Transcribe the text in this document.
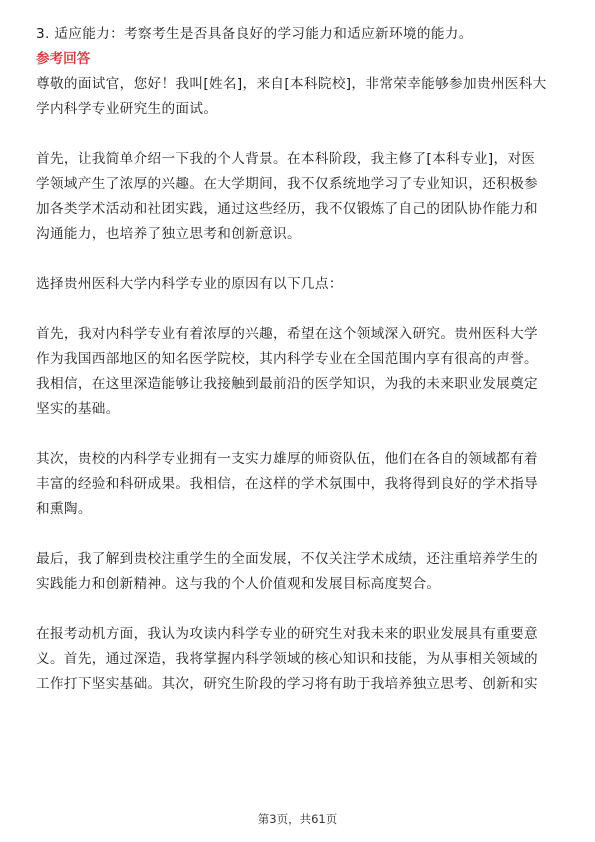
3. 适应能力：考察考生是否具备良好的学习能力和适应新环境的能力。
参考回答
尊敬的面试官，您好！我叫[姓名]，来自[本科院校]，非常荣幸能够参加贵州医科大
学内科学专业研究生的面试。
首先，让我简单介绍一下我的个人背景。在本科阶段，我主修了[本科专业]，对医
学领域产生了浓厚的兴趣。在大学期间，我不仅系统地学习了专业知识，还积极参
加各类学术活动和社团实践，通过这些经历，我不仅锻炼了自己的团队协作能力和
沟通能力，也培养了独立思考和创新意识。
选择贵州医科大学内科学专业的原因有以下几点：
首先，我对内科学专业有着浓厚的兴趣，希望在这个领域深入研究。贵州医科大学
作为我国西部地区的知名医学院校，其内科学专业在全国范围内享有很高的声誉。
我相信，在这里深造能够让我接触到最前沿的医学知识，为我的未来职业发展奠定
坚实的基础。
其次，贵校的内科学专业拥有一支实力雄厚的师资队伍，他们在各自的领域都有着
丰富的经验和科研成果。我相信，在这样的学术氛围中，我将得到良好的学术指导
和熏陶。
最后，我了解到贵校注重学生的全面发展，不仅关注学术成绩，还注重培养学生的
实践能力和创新精神。这与我的个人价值观和发展目标高度契合。
在报考动机方面，我认为攻读内科学专业的研究生对我未来的职业发展具有重要意
义。首先，通过深造，我将掌握内科学领域的核心知识和技能，为从事相关领域的
工作打下坚实基础。其次，研究生阶段的学习将有助于我培养独立思考、创新和实
第3页，共61页
